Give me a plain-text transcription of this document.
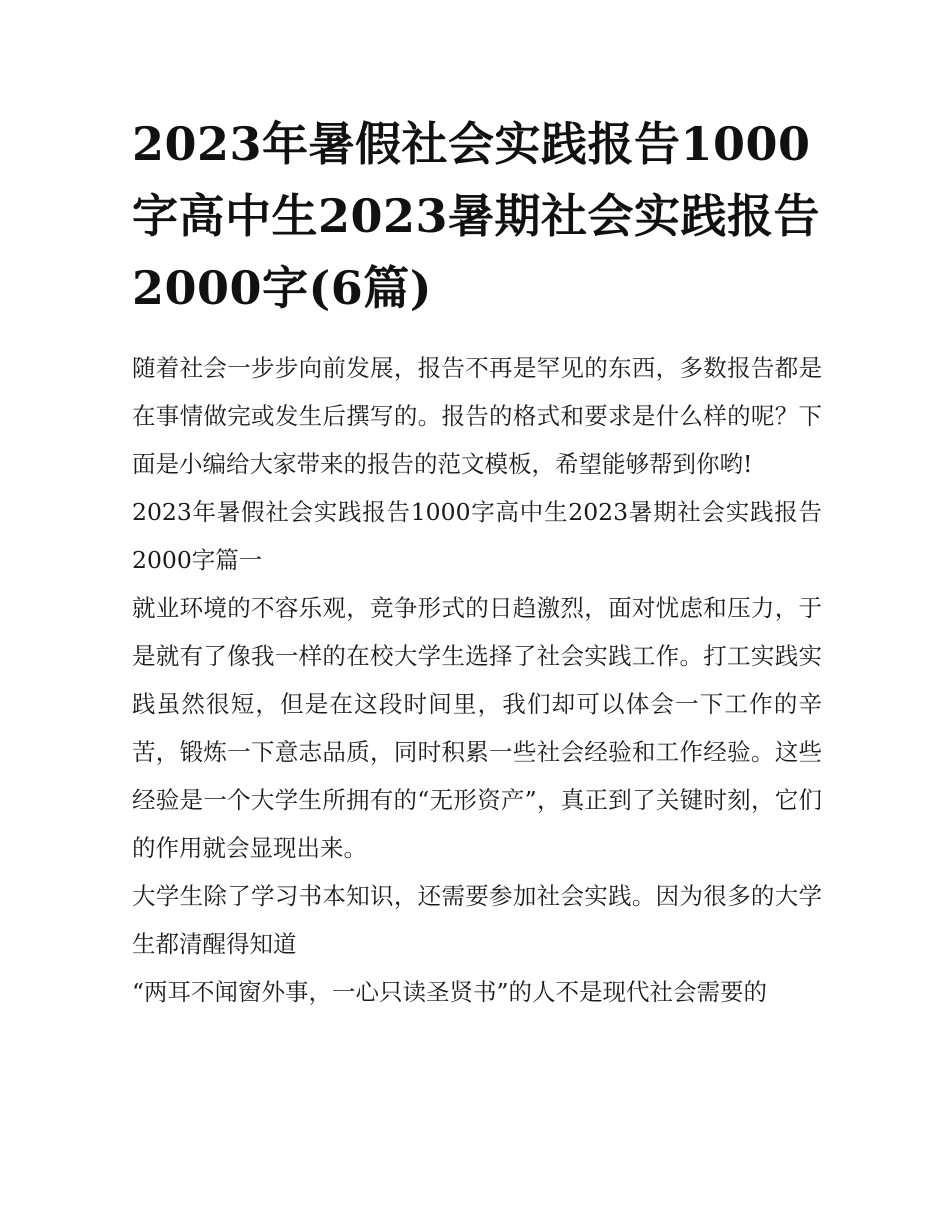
2023年暑假社会实践报告1000字高中生2023暑期社会实践报告2000字(6篇)

随着社会一步步向前发展，报告不再是罕见的东西，多数报告都是在事情做完或发生后撰写的。报告的格式和要求是什么样的呢？下面是小编给大家带来的报告的范文模板，希望能够帮到你哟!

2023年暑假社会实践报告1000字高中生2023暑期社会实践报告2000字篇一

就业环境的不容乐观，竞争形式的日趋激烈，面对忧虑和压力，于是就有了像我一样的在校大学生选择了社会实践工作。打工实践实践虽然很短，但是在这段时间里，我们却可以体会一下工作的辛苦，锻炼一下意志品质，同时积累一些社会经验和工作经验。这些经验是一个大学生所拥有的“无形资产”，真正到了关键时刻，它们的作用就会显现出来。

大学生除了学习书本知识，还需要参加社会实践。因为很多的大学生都清醒得知道

“两耳不闻窗外事，一心只读圣贤书”的人不是现代社会需要的
